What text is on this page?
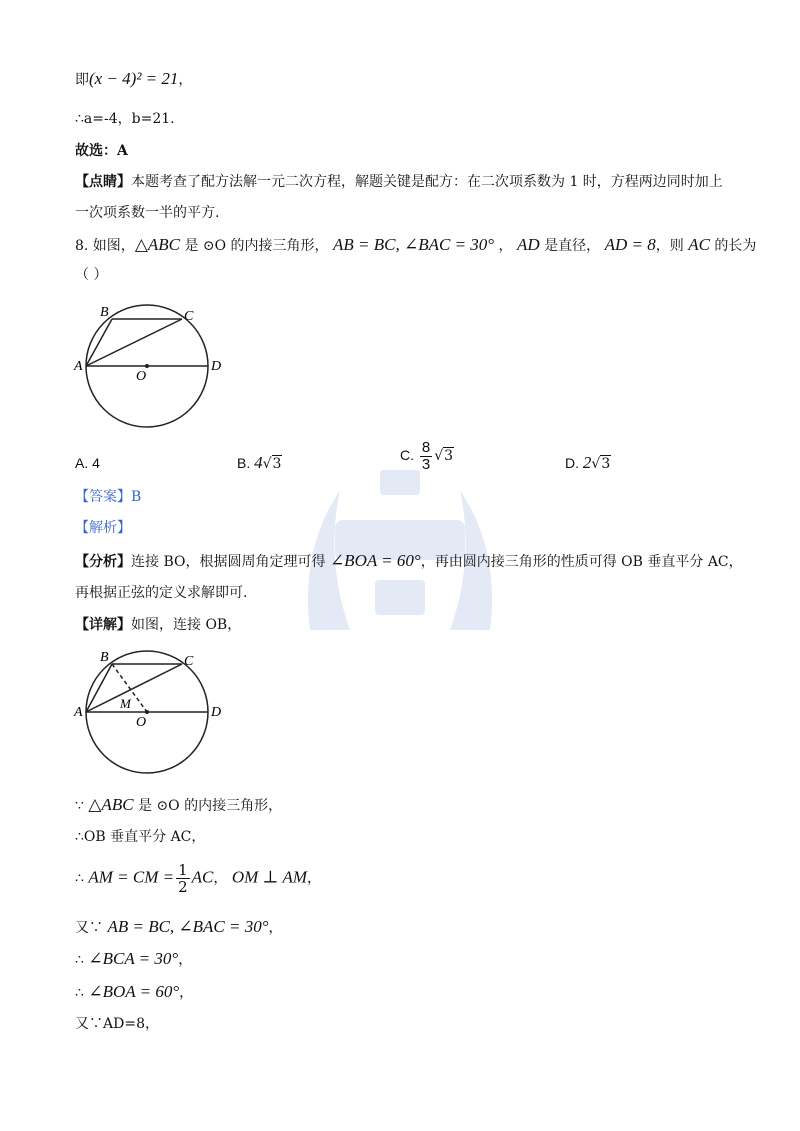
即(x − 4)² = 21，
∴a=-4，b=21.
故选：A
【点睛】本题考查了配方法解一元二次方程，解题关键是配方：在二次项系数为 1 时，方程两边同时加上
一次项系数一半的平方.
8. 如图，△ABC 是 ⊙O 的内接三角形， AB = BC, ∠BAC = 30° ， AD 是直径， AD = 8，则 AC 的长为
（ ）
B	C
A	D
O
A. 4	B. 4√3
C. $\frac{8}{3} √3$	D. 2√3
【答案】B
【解析】
【分析】连接 BO，根据圆周角定理可得 ∠BOA = 60°，再由圆内接三角形的性质可得 OB 垂直平分 AC，
再根据正弦的定义求解即可.
【详解】如图，连接 OB，
B	C
A	D
O
M
∵ △ABC 是 ⊙O 的内接三角形，
∴OB 垂直平分 AC，
∴ AM = CM = $\frac{1}{2}$ AC， OM ⊥ AM，
又∵ AB = BC, ∠BAC = 30°，
∴ ∠BCA = 30°，
∴ ∠BOA = 60°，
又∵AD=8，
